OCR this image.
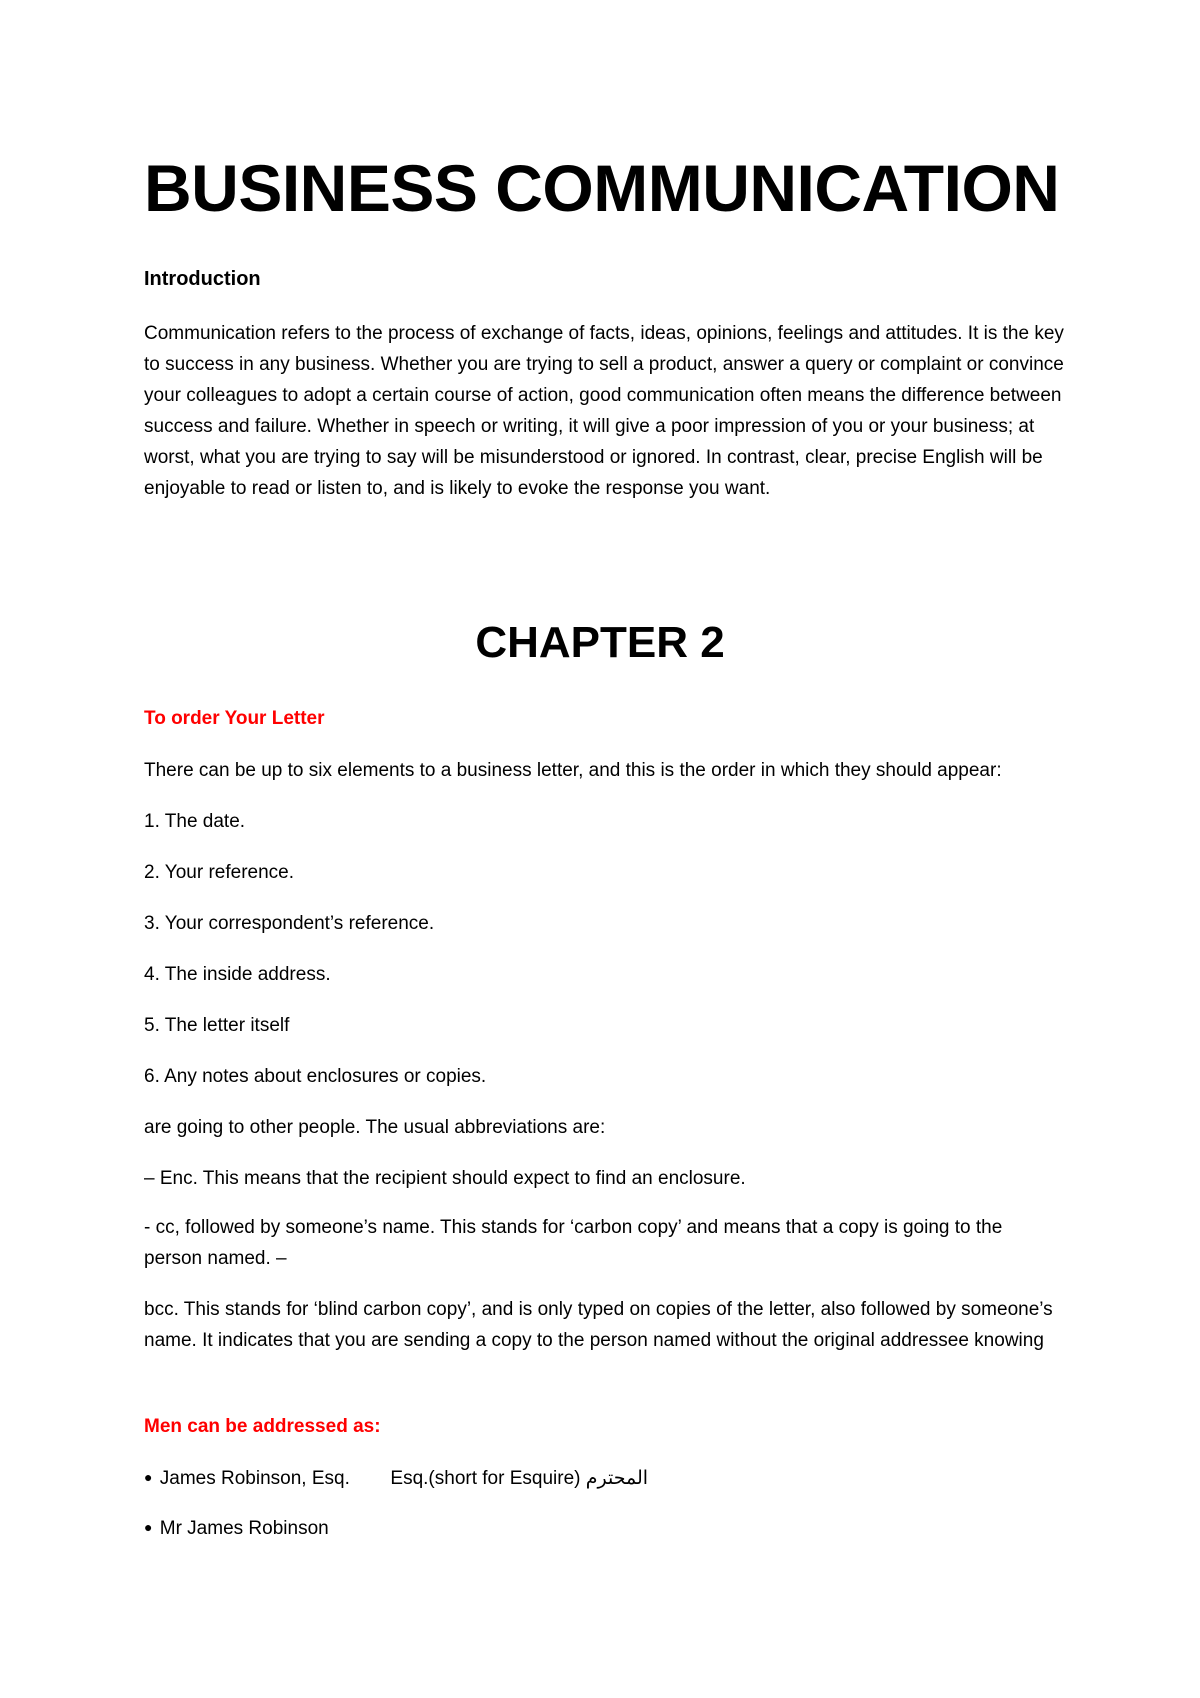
BUSINESS COMMUNICATION
Introduction

Communication refers to the process of exchange of facts, ideas, opinions, feelings and attitudes. It is the key to success in any business. Whether you are trying to sell a product, answer a query or complaint or convince your colleagues to adopt a certain course of action, good communication often means the difference between success and failure. Whether in speech or writing, it will give a poor impression of you or your business; at worst, what you are trying to say will be misunderstood or ignored. In contrast, clear, precise English will be enjoyable to read or listen to, and is likely to evoke the response you want.

CHAPTER 2
To order Your Letter
There can be up to six elements to a business letter, and this is the order in which they should appear:
1. The date.
2. Your reference.
3. Your correspondent’s reference.
4. The inside address.
5. The letter itself
6. Any notes about enclosures or copies.
are going to other people. The usual abbreviations are:
– Enc. This means that the recipient should expect to find an enclosure.

- cc, followed by someone’s name. This stands for ‘carbon copy’ and means that a copy is going to the person named. –

bcc. This stands for ‘blind carbon copy’, and is only typed on copies of the letter, also followed by someone’s name. It indicates that you are sending a copy to the person named without the original addressee knowing

Men can be addressed as:
● James Robinson, Esq. Esq.(short for Esquire) المحترم
● Mr James Robinson
